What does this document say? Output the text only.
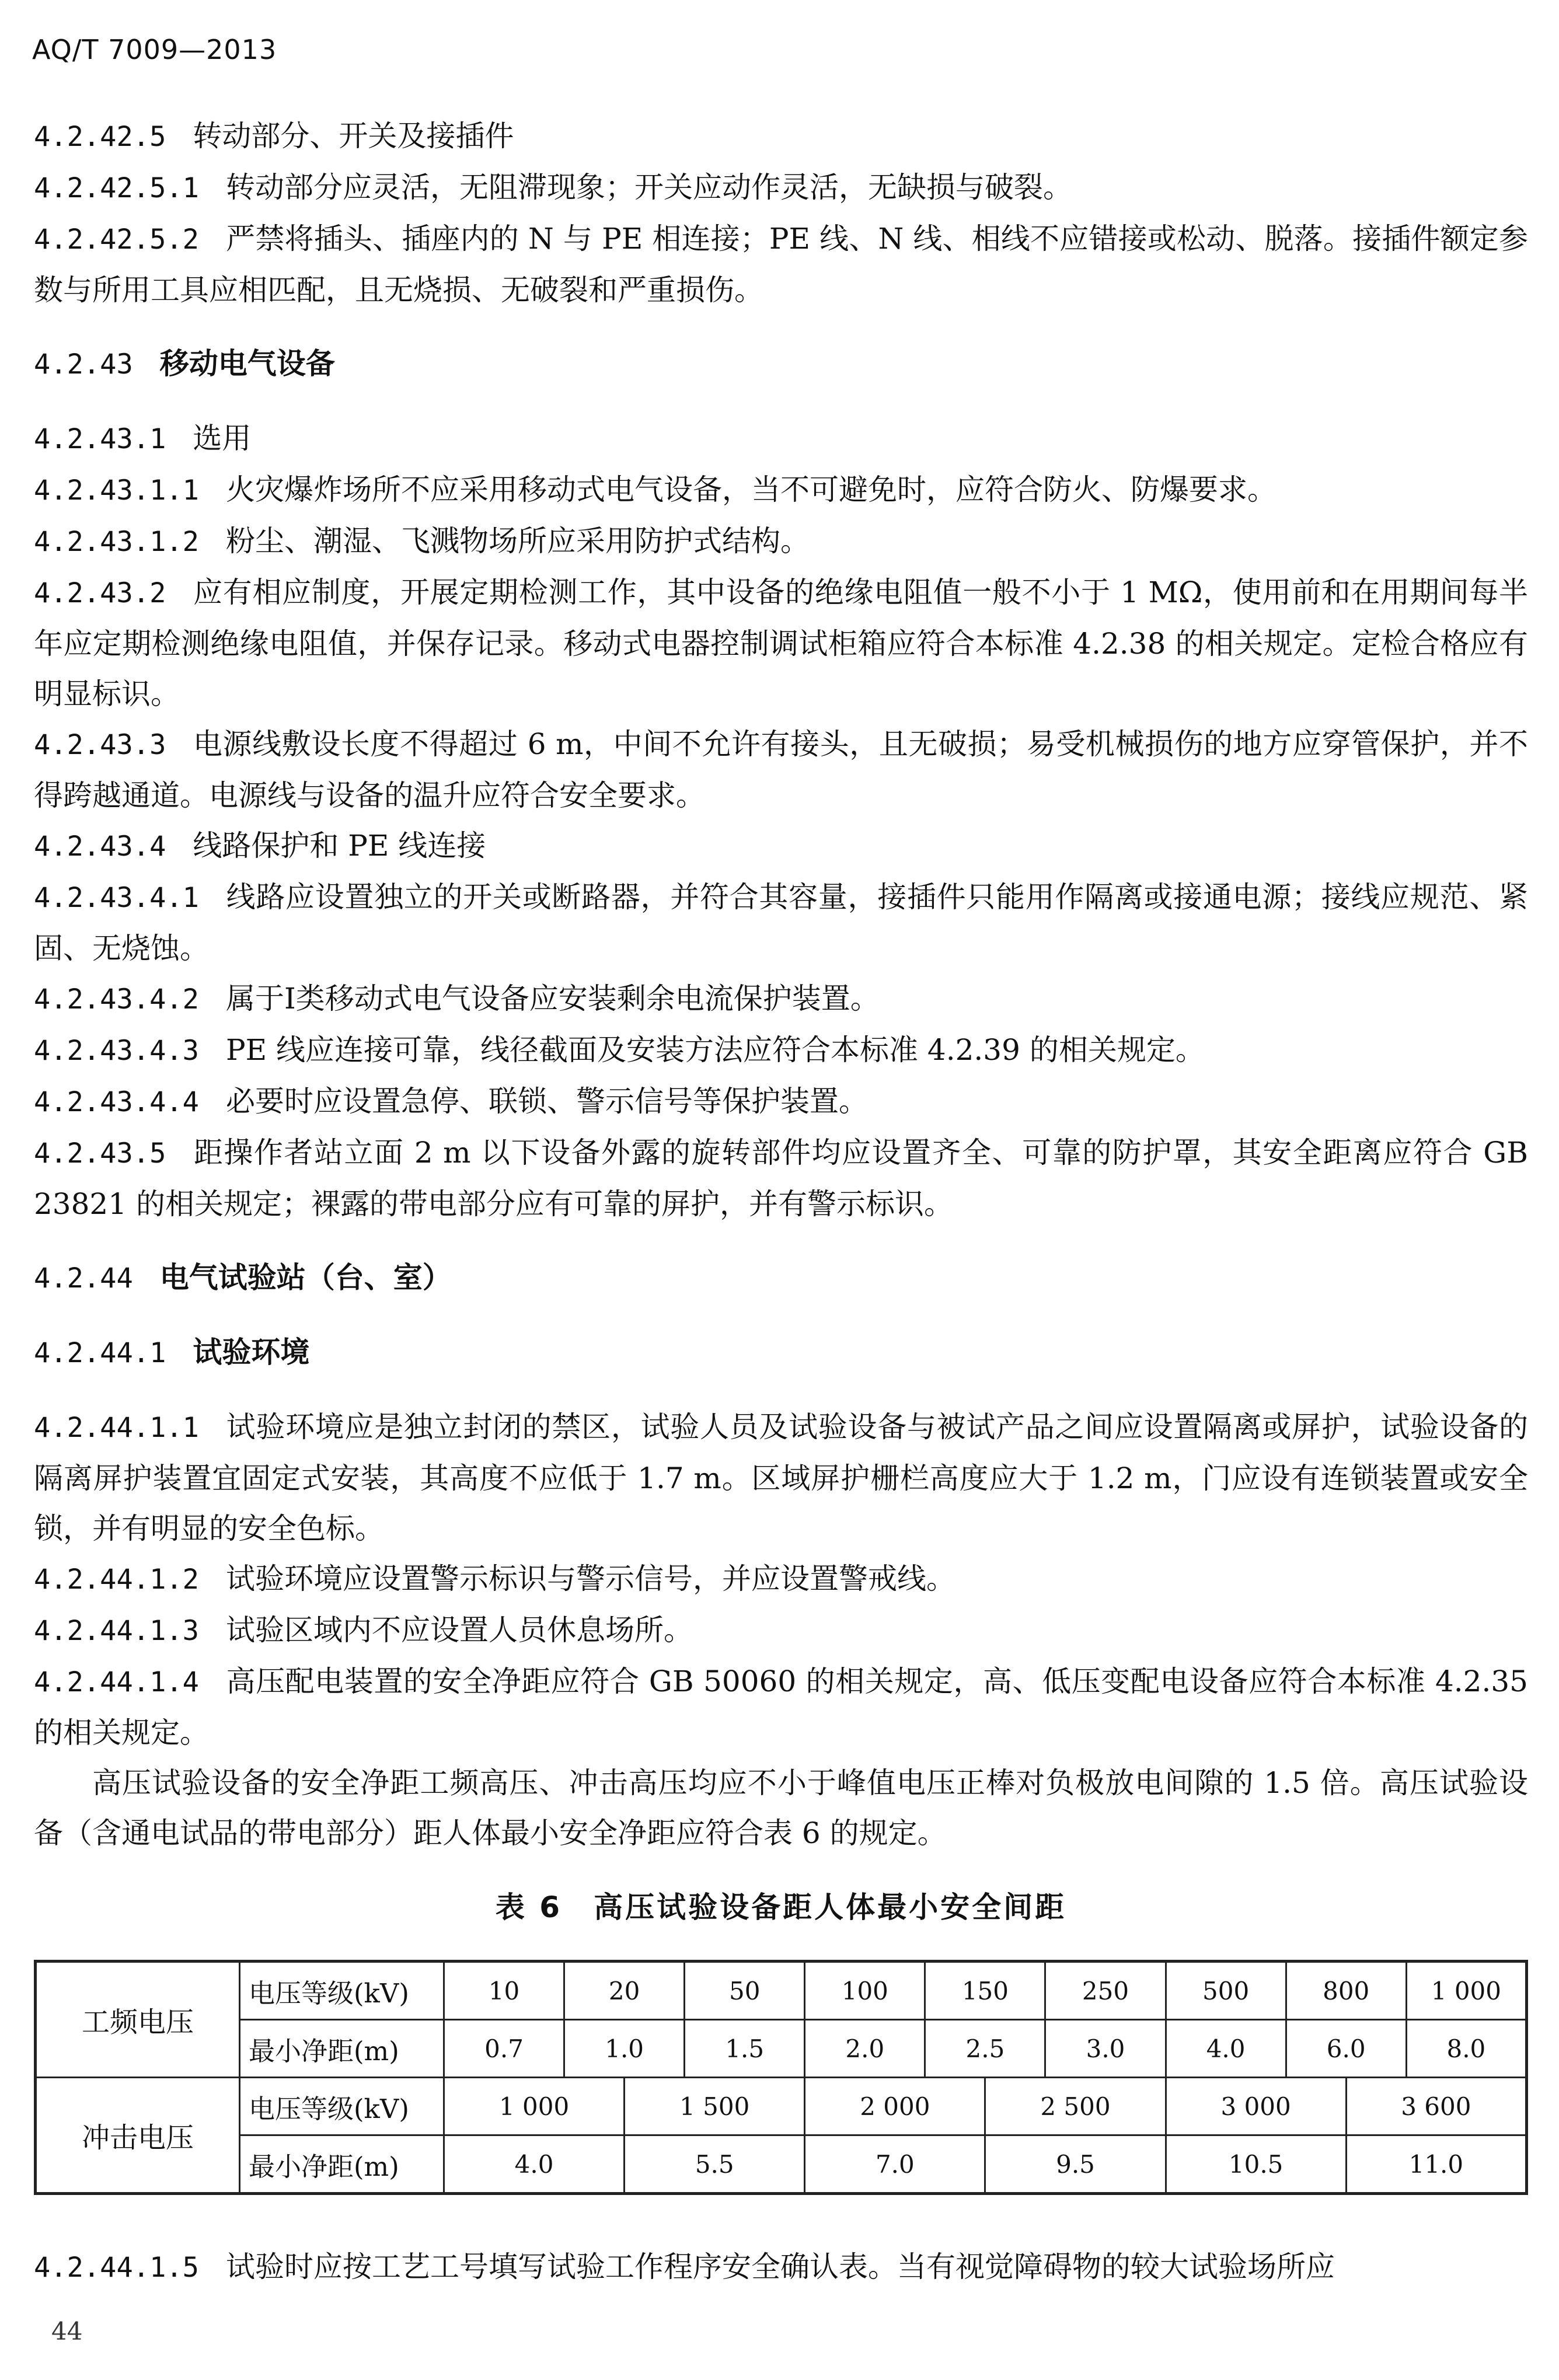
AQ/T 7009—2013

4.2.42.5 转动部分、开关及接插件

4.2.42.5.1 转动部分应灵活，无阻滞现象；开关应动作灵活，无缺损与破裂。

4.2.42.5.2 严禁将插头、插座内的 N 与 PE 相连接；PE 线、N 线、相线不应错接或松动、脱落。接插件额定参数与所用工具应相匹配，且无烧损、无破裂和严重损伤。

4.2.43 移动电气设备

4.2.43.1 选用

4.2.43.1.1 火灾爆炸场所不应采用移动式电气设备，当不可避免时，应符合防火、防爆要求。

4.2.43.1.2 粉尘、潮湿、飞溅物场所应采用防护式结构。

4.2.43.2 应有相应制度，开展定期检测工作，其中设备的绝缘电阻值一般不小于 1 MΩ，使用前和在用期间每半年应定期检测绝缘电阻值，并保存记录。移动式电器控制调试柜箱应符合本标准 4.2.38 的相关规定。定检合格应有明显标识。

4.2.43.3 电源线敷设长度不得超过 6 m，中间不允许有接头，且无破损；易受机械损伤的地方应穿管保护，并不得跨越通道。电源线与设备的温升应符合安全要求。

4.2.43.4 线路保护和 PE 线连接

4.2.43.4.1 线路应设置独立的开关或断路器，并符合其容量，接插件只能用作隔离或接通电源；接线应规范、紧固、无烧蚀。

4.2.43.4.2 属于Ⅰ类移动式电气设备应安装剩余电流保护装置。

4.2.43.4.3 PE 线应连接可靠，线径截面及安装方法应符合本标准 4.2.39 的相关规定。

4.2.43.4.4 必要时应设置急停、联锁、警示信号等保护装置。

4.2.43.5 距操作者站立面 2 m 以下设备外露的旋转部件均应设置齐全、可靠的防护罩，其安全距离应符合 GB 23821 的相关规定；裸露的带电部分应有可靠的屏护，并有警示标识。

4.2.44 电气试验站（台、室）

4.2.44.1 试验环境

4.2.44.1.1 试验环境应是独立封闭的禁区，试验人员及试验设备与被试产品之间应设置隔离或屏护，试验设备的隔离屏护装置宜固定式安装，其高度不应低于 1.7 m。区域屏护栅栏高度应大于 1.2 m，门应设有连锁装置或安全锁，并有明显的安全色标。

4.2.44.1.2 试验环境应设置警示标识与警示信号，并应设置警戒线。

4.2.44.1.3 试验区域内不应设置人员休息场所。

4.2.44.1.4 高压配电装置的安全净距应符合 GB 50060 的相关规定，高、低压变配电设备应符合本标准 4.2.35 的相关规定。

高压试验设备的安全净距工频高压、冲击高压均应不小于峰值电压正棒对负极放电间隙的 1.5 倍。高压试验设备（含通电试品的带电部分）距人体最小安全净距应符合表 6 的规定。

表 6　高压试验设备距人体最小安全间距
工频电压	电压等级(kV)	10	20		50	100	150		250	500	800		1 000
	最小净距(m)	0.7	1.0		1.5	2.0	2.5		3.0	4.0	6.0		8.0
冲击电压	电压等级(kV)	1 000		1 500		2 000		2 500		3 000		3 600	
	最小净距(m)	4.0		5.5		7.0		9.5		10.5		11.0	

4.2.44.1.5 试验时应按工艺工号填写试验工作程序安全确认表。当有视觉障碍物的较大试验场所应

44
